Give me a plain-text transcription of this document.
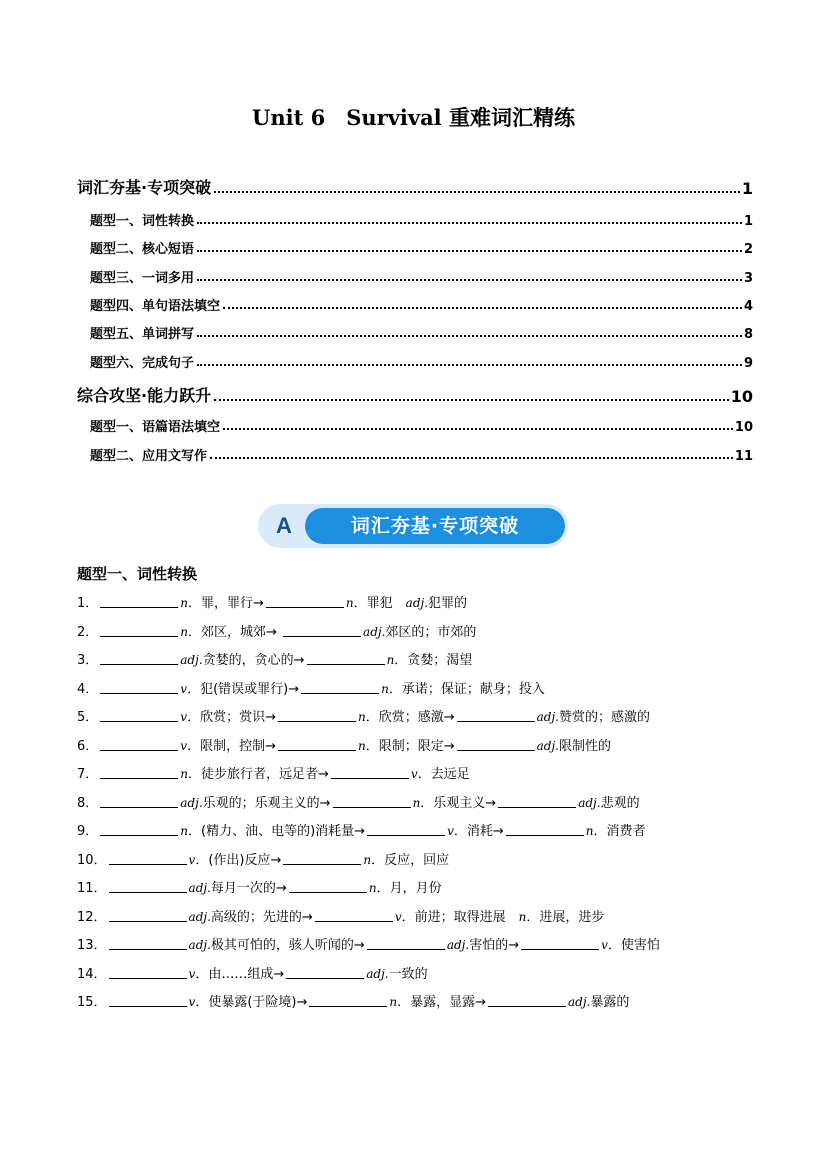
Unit 6　Survival 重难词汇精练
词汇夯基·专项突破	1
题型一、词性转换	1
题型二、核心短语	2
题型三、一词多用	3
题型四、单句语法填空	4
题型五、单词拼写	8
题型六、完成句子	9
综合攻坚·能力跃升	10
题型一、语篇语法填空	10
题型二、应用文写作	11
A	词汇夯基·专项突破
题型一、词性转换
1．	n．罪，罪行→	n．罪犯　adj.犯罪的
2．	n．郊区，城郊→	adj.郊区的；市郊的
3．	adj.贪婪的，贪心的→	n．贪婪；渴望
4．	v．犯(错误或罪行)→	n．承诺；保证；献身；投入
5．	v．欣赏；赏识→	n．欣赏；感激→	adj.赞赏的；感激的
6．	v．限制，控制→	n．限制；限定→	adj.限制性的
7．	n．徒步旅行者，远足者→	v．去远足
8．	adj.乐观的；乐观主义的→	n．乐观主义→	adj.悲观的
9．	n．(精力、油、电等的)消耗量→	v．消耗→	n．消费者
10．	v．(作出)反应→	n．反应，回应
11．	adj.每月一次的→	n．月，月份
12．	adj.高级的；先进的→	v．前进；取得进展　n．进展，进步
13．	adj.极其可怕的，骇人听闻的→	adj.害怕的→	v．使害怕
14．	v．由……组成→	adj.一致的
15．	v．使暴露(于险境)→	n．暴露，显露→	adj.暴露的
